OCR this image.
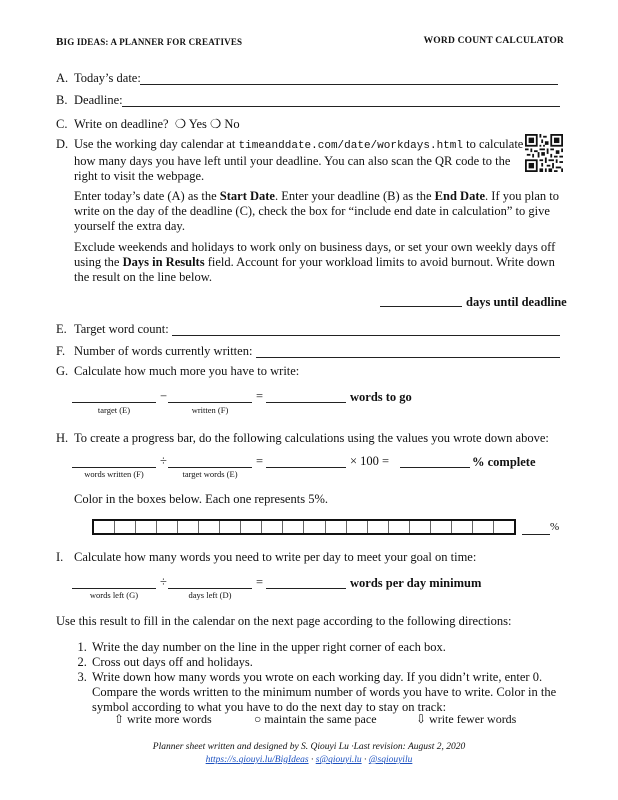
BIG IDEAS: A PLANNER FOR CREATIVES	WORD COUNT CALCULATOR
A. Today’s date:
B. Deadline:
C. Write on deadline? ❍ Yes ❍ No
D. Use the working day calendar at timeanddate.com/date/workdays.html to calculate how many days you have left until your deadline. You can also scan the QR code to the right to visit the webpage.
Enter today’s date (A) as the Start Date. Enter your deadline (B) as the End Date. If you plan to write on the day of the deadline (C), check the box for “include end date in calculation” to give yourself the extra day.
Exclude weekends and holidays to work only on business days, or set your own weekly days off using the Days in Results field. Account for your workload limits to avoid burnout. Write down the result on the line below.
days until deadline
E. Target word count:
F. Number of words currently written:
G. Calculate how much more you have to write:
−	=	words to go
target (E)	written (F)
H. To create a progress bar, do the following calculations using the values you wrote down above:
÷	=	× 100 =	% complete
words written (F)	target words (E)
Color in the boxes below. Each one represents 5%.
%
I. Calculate how many words you need to write per day to meet your goal on time:
÷	=	words per day minimum
words left (G)	days left (D)
Use this result to fill in the calendar on the next page according to the following directions:
1. Write the day number on the line in the upper right corner of each box.
2. Cross out days off and holidays.
3. Write down how many words you wrote on each working day. If you didn’t write, enter 0. Compare the words written to the minimum number of words you have to write. Color in the symbol according to what you have to do the next day to stay on track:
⇧ write more words	○ maintain the same pace	⇩ write fewer words
Planner sheet written and designed by S. Qiouyi Lu ·Last revision: August 2, 2020
https://s.qiouyi.lu/BigIdeas · s@qiouyi.lu · @sqiouyilu
